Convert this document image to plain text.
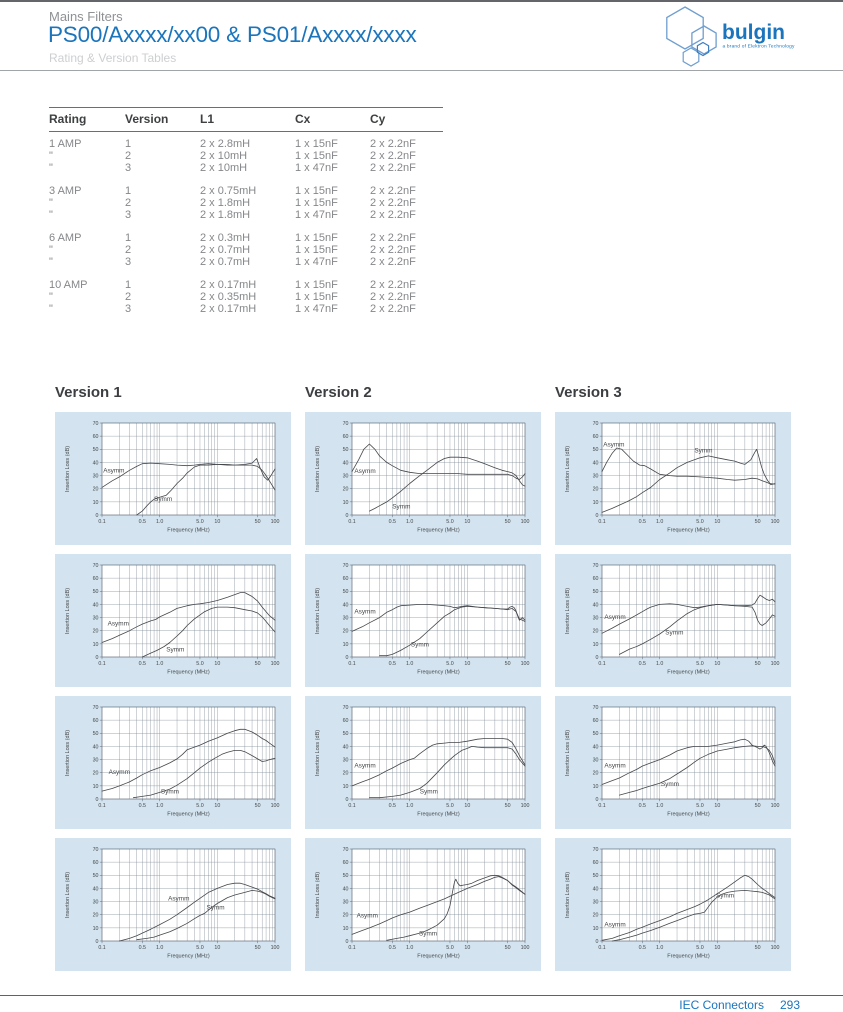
Mains Filters
PS00/Axxxx/xx00 & PS01/Axxxx/xxxx
Rating & Version Tables
bulgin
a brand of Elektron Technology
Rating	Version	L1	Cx	Cy
1 AMP	1	2 x 2.8mH	1 x 15nF	2 x 2.2nF
"	2	2 x 10mH	1 x 15nF	2 x 2.2nF
"	3	2 x 10mH	1 x 47nF	2 x 2.2nF

3 AMP	1	2 x 0.75mH	1 x 15nF	2 x 2.2nF
"	2	2 x 1.8mH	1 x 15nF	2 x 2.2nF
"	3	2 x 1.8mH	1 x 47nF	2 x 2.2nF

6 AMP	1	2 x 0.3mH	1 x 15nF	2 x 2.2nF
"	2	2 x 0.7mH	1 x 15nF	2 x 2.2nF
"	3	2 x 0.7mH	1 x 47nF	2 x 2.2nF

10 AMP	1	2 x 0.17mH	1 x 15nF	2 x 2.2nF
"	2	2 x 0.35mH	1 x 15nF	2 x 2.2nF
"	3	2 x 0.17mH	1 x 47nF	2 x 2.2nF
Version 1	Version 2	Version 3
0
10
20
30
40
50
60
70
0.1	0.5 1.0	5.0 10	50 100
Insertion Loss (dB)
Frequency (MHz)
Asymm
Symm
0
10
20
30
40
50
60
70
0.1	0.5 1.0	5.0 10	50 100
Insertion Loss (dB)
Frequency (MHz)
Asymm
Symm
0
10
20
30
40
50
60
70
0.1	0.5 1.0	5.0 10	50 100
Insertion Loss (dB)
Frequency (MHz)
Asymm
Symm
0
10
20
30
40
50
60
70
0.1	0.5 1.0	5.0 10	50 100
Insertion Loss (dB)
Frequency (MHz)
Asymm
Symm
0
10
20
30
40
50
60
70
0.1	0.5 1.0	5.0 10	50 100
Insertion Loss (dB)
Frequency (MHz)
Asymm
Symm
0
10
20
30
40
50
60
70
0.1	0.5 1.0	5.0 10	50 100
Insertion Loss (dB)
Frequency (MHz)
Asymm
Symm
0
10
20
30
40
50
60
70
0.1	0.5 1.0	5.0 10	50 100
Insertion Loss (dB)
Frequency (MHz)
Asymm
Symm
0
10
20
30
40
50
60
70
0.1	0.5 1.0	5.0 10	50 100
Insertion Loss (dB)
Frequency (MHz)
Asymm
Symm
0
10
20
30
40
50
60
70
0.1	0.5 1.0	5.0 10	50 100
Insertion Loss (dB)
Frequency (MHz)
Asymm
Symm
0
10
20
30
40
50
60
70
0.1	0.5 1.0	5.0 10	50 100
Insertion Loss (dB)
Frequency (MHz)
Asymm
Symm
0
10
20
30
40
50
60
70
0.1	0.5 1.0	5.0 10	50 100
Insertion Loss (dB)
Frequency (MHz)
Asymm
Symm
0
10
20
30
40
50
60
70
0.1	0.5 1.0	5.0 10	50 100
Insertion Loss (dB)
Frequency (MHz)
Asymm
Symm
IEC Connectors 293
